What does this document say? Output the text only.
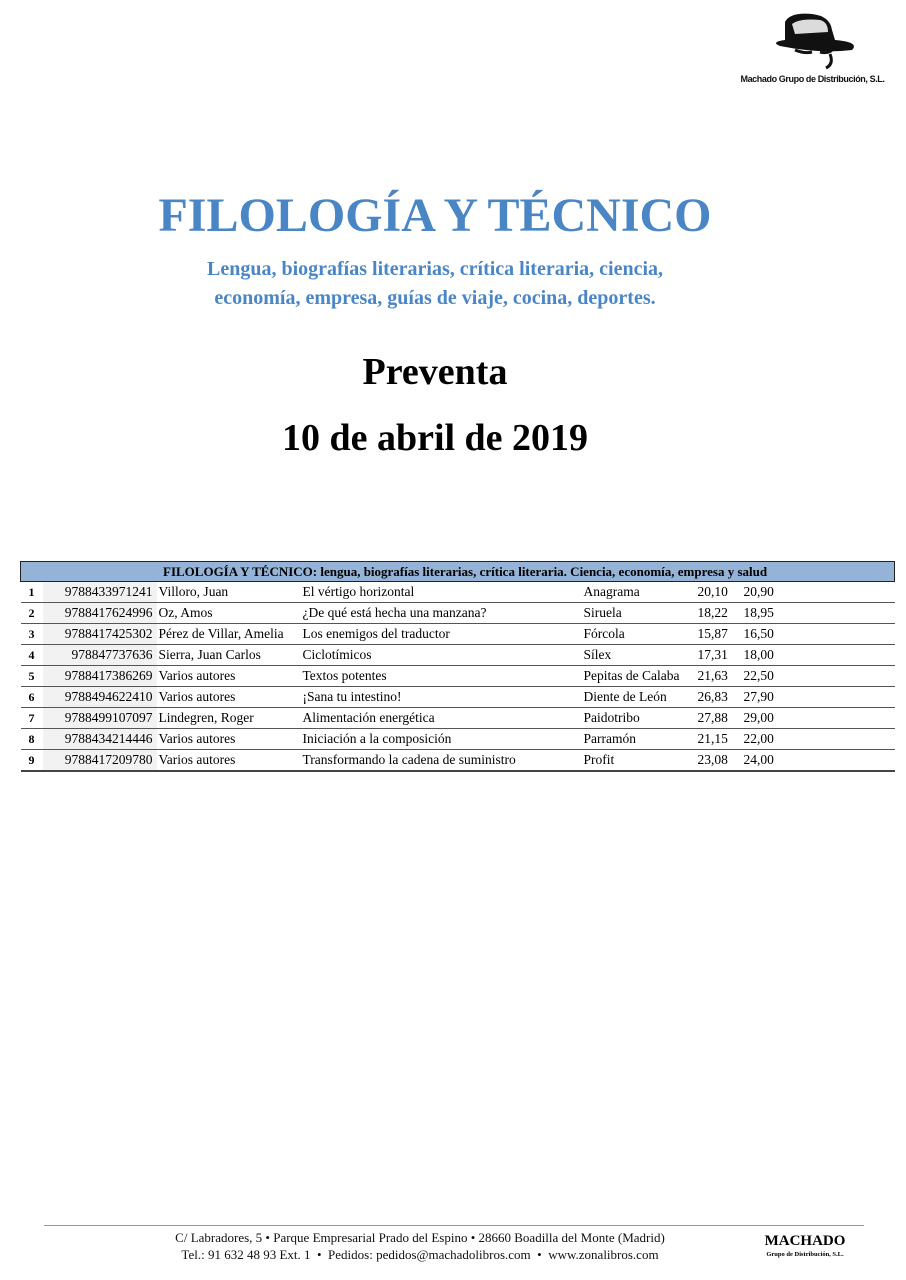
Machado Grupo de Distribución, S.L.
FILOLOGÍA Y TÉCNICO
Lengua, biografías literarias, crítica literaria, ciencia,
economía, empresa, guías de viaje, cocina, deportes.
Preventa
10 de abril de 2019
FILOLOGÍA Y TÉCNICO: lengua, biografías literarias, crítica literaria. Ciencia, economía, empresa y salud						
1	9788433971241	Villoro, Juan	El vértigo horizontal	Anagrama	20,10	20,90
2	9788417624996	Oz, Amos	¿De qué está hecha una manzana?	Siruela	18,22	18,95
3	9788417425302	Pérez de Villar, Amelia	Los enemigos del traductor	Fórcola	15,87	16,50
4	978847737636	Sierra, Juan Carlos	Ciclotímicos	Sílex	17,31	18,00
5	9788417386269	Varios autores	Textos potentes	Pepitas de Calaba	21,63	22,50
6	9788494622410	Varios autores	¡Sana tu intestino!	Diente de León	26,83	27,90
7	9788499107097	Lindegren, Roger	Alimentación energética	Paidotribo	27,88	29,00
8	9788434214446	Varios autores	Iniciación a la composición	Parramón	21,15	22,00
9	9788417209780	Varios autores	Transformando la cadena de suministro	Profit	23,08	24,00
C/ Labradores, 5 • Parque Empresarial Prado del Espino • 28660 Boadilla del Monte (Madrid)
Tel.: 91 632 48 93 Ext. 1  •  Pedidos: pedidos@machadolibros.com  •  www.zonalibros.com
MACHADO
Grupo de Distribución, S.L.
